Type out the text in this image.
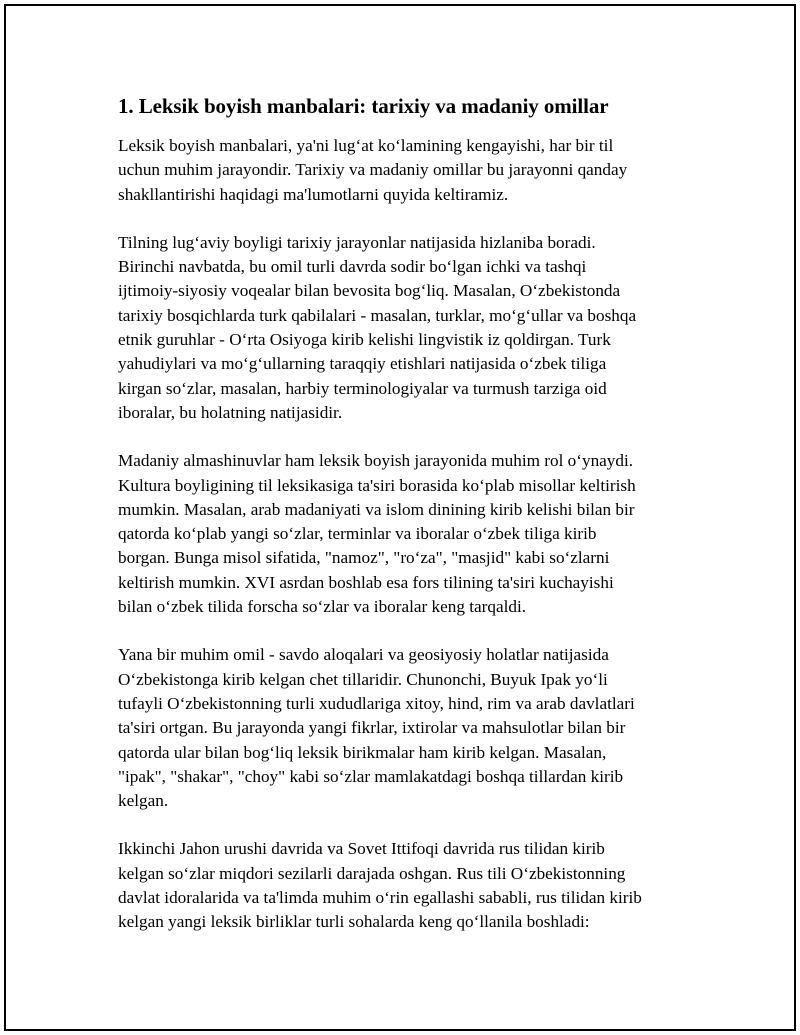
1. Leksik boyish manbalari: tarixiy va madaniy omillar

Leksik boyish manbalari, ya'ni lug‘at ko‘lamining kengayishi, har bir til
uchun muhim jarayondir. Tarixiy va madaniy omillar bu jarayonni qanday
shakllantirishi haqidagi ma'lumotlarni quyida keltiramiz.

Tilning lug‘aviy boyligi tarixiy jarayonlar natijasida hizlaniba boradi.
Birinchi navbatda, bu omil turli davrda sodir bo‘lgan ichki va tashqi
ijtimoiy-siyosiy voqealar bilan bevosita bog‘liq. Masalan, O‘zbekistonda
tarixiy bosqichlarda turk qabilalari - masalan, turklar, mo‘g‘ullar va boshqa
etnik guruhlar - O‘rta Osiyoga kirib kelishi lingvistik iz qoldirgan. Turk
yahudiylari va mo‘g‘ullarning taraqqiy etishlari natijasida o‘zbek tiliga
kirgan so‘zlar, masalan, harbiy terminologiyalar va turmush tarziga oid
iboralar, bu holatning natijasidir.

Madaniy almashinuvlar ham leksik boyish jarayonida muhim rol o‘ynaydi.
Kultura boyligining til leksikasiga ta'siri borasida ko‘plab misollar keltirish
mumkin. Masalan, arab madaniyati va islom dinining kirib kelishi bilan bir
qatorda ko‘plab yangi so‘zlar, terminlar va iboralar o‘zbek tiliga kirib
borgan. Bunga misol sifatida, "namoz", "ro‘za", "masjid" kabi so‘zlarni
keltirish mumkin. XVI asrdan boshlab esa fors tilining ta'siri kuchayishi
bilan o‘zbek tilida forscha so‘zlar va iboralar keng tarqaldi.

Yana bir muhim omil - savdo aloqalari va geosiyosiy holatlar natijasida
O‘zbekistonga kirib kelgan chet tillaridir. Chunonchi, Buyuk Ipak yo‘li
tufayli O‘zbekistonning turli xududlariga xitoy, hind, rim va arab davlatlari
ta'siri ortgan. Bu jarayonda yangi fikrlar, ixtirolar va mahsulotlar bilan bir
qatorda ular bilan bog‘liq leksik birikmalar ham kirib kelgan. Masalan,
"ipak", "shakar", "choy" kabi so‘zlar mamlakatdagi boshqa tillardan kirib
kelgan.

Ikkinchi Jahon urushi davrida va Sovet Ittifoqi davrida rus tilidan kirib
kelgan so‘zlar miqdori sezilarli darajada oshgan. Rus tili O‘zbekistonning
davlat idoralarida va ta'limda muhim o‘rin egallashi sababli, rus tilidan kirib
kelgan yangi leksik birliklar turli sohalarda keng qo‘llanila boshladi:
